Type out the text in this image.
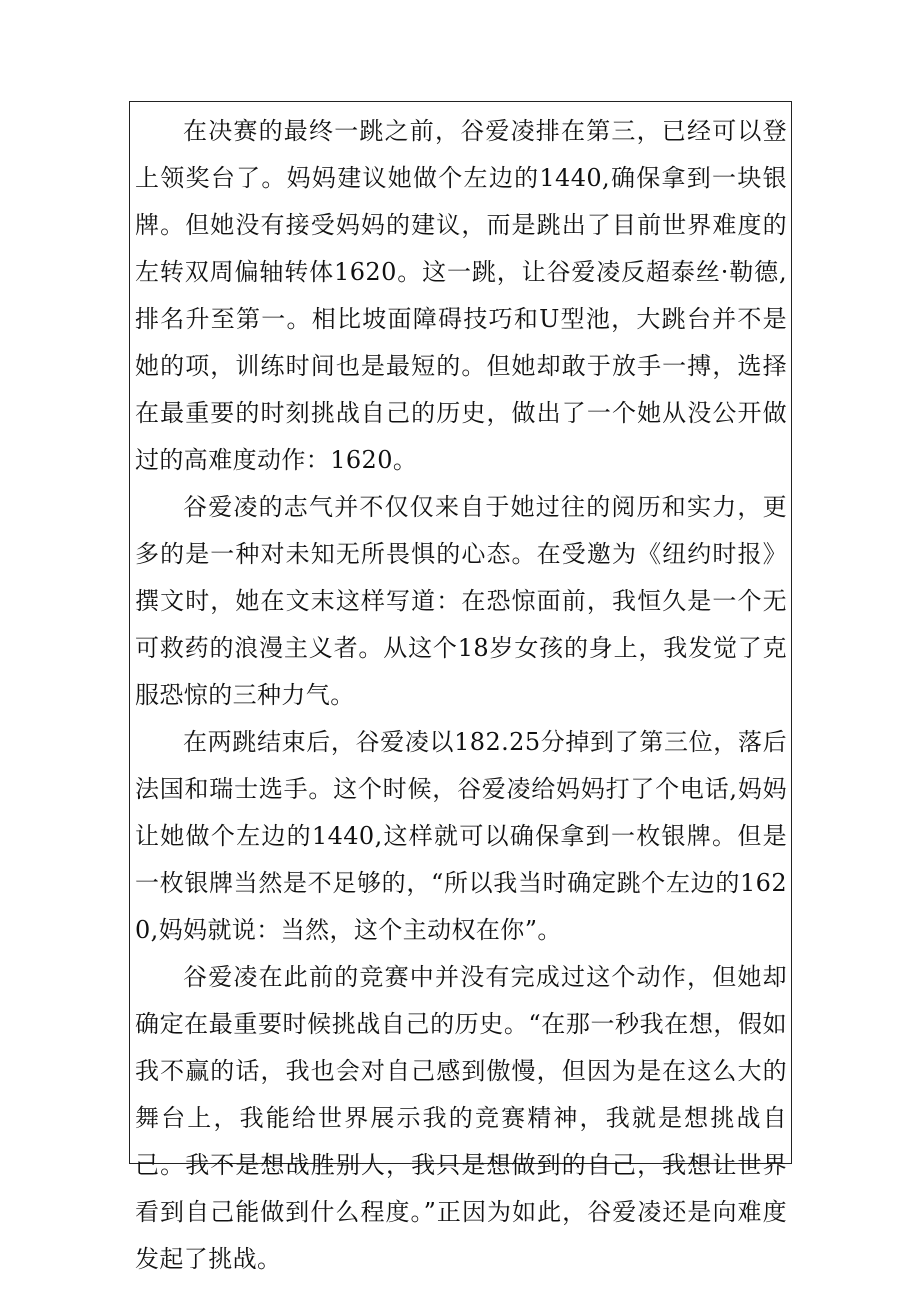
在决赛的最终一跳之前，谷爱凌排在第三，已经可以登上领奖台了。妈妈建议她做个左边的1440,确保拿到一块银牌。但她没有接受妈妈的建议，而是跳出了目前世界难度的左转双周偏轴转体1620。这一跳，让谷爱凌反超泰丝·勒德,排名升至第一。相比坡面障碍技巧和U型池，大跳台并不是她的项，训练时间也是最短的。但她却敢于放手一搏，选择在最重要的时刻挑战自己的历史，做出了一个她从没公开做过的高难度动作：1620。

谷爱凌的志气并不仅仅来自于她过往的阅历和实力，更多的是一种对未知无所畏惧的心态。在受邀为《纽约时报》撰文时，她在文末这样写道：在恐惊面前，我恒久是一个无可救药的浪漫主义者。从这个18岁女孩的身上，我发觉了克服恐惊的三种力气。

在两跳结束后，谷爱凌以182.25分掉到了第三位，落后法国和瑞士选手。这个时候，谷爱凌给妈妈打了个电话,妈妈让她做个左边的1440,这样就可以确保拿到一枚银牌。但是一枚银牌当然是不足够的，“所以我当时确定跳个左边的1620,妈妈就说：当然，这个主动权在你”。

谷爱凌在此前的竞赛中并没有完成过这个动作，但她却确定在最重要时候挑战自己的历史。“在那一秒我在想，假如我不赢的话，我也会对自己感到傲慢，但因为是在这么大的舞台上，我能给世界展示我的竞赛精神，我就是想挑战自己。我不是想战胜别人，我只是想做到的自己，我想让世界看到自己能做到什么程度。”正因为如此，谷爱凌还是向难度发起了挑战。
